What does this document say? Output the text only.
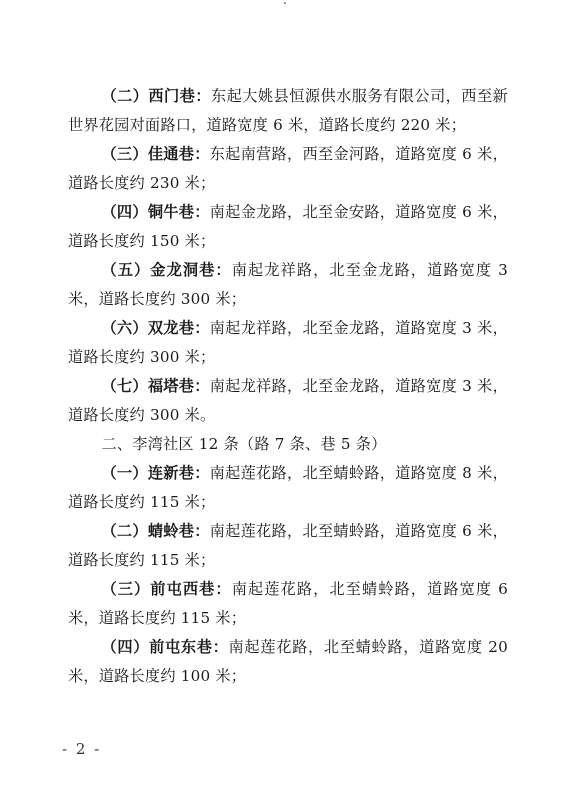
（二）西门巷：东起大姚县恒源供水服务有限公司，西至新世界花园对面路口，道路宽度 6 米，道路长度约 220 米；

（三）佳通巷：东起南营路，西至金河路，道路宽度 6 米，道路长度约 230 米；

（四）铜牛巷：南起金龙路，北至金安路，道路宽度 6 米，道路长度约 150 米；

（五）金龙洞巷：南起龙祥路，北至金龙路，道路宽度 3 米，道路长度约 300 米；

（六）双龙巷：南起龙祥路，北至金龙路，道路宽度 3 米，道路长度约 300 米；

（七）福塔巷：南起龙祥路，北至金龙路，道路宽度 3 米，道路长度约 300 米。

二、李湾社区 12 条（路 7 条、巷 5 条）

（一）连新巷：南起莲花路，北至蜻蛉路，道路宽度 8 米，道路长度约 115 米；

（二）蜻蛉巷：南起莲花路，北至蜻蛉路，道路宽度 6 米，道路长度约 115 米；

（三）前屯西巷：南起莲花路，北至蜻蛉路，道路宽度 6 米，道路长度约 115 米；

（四）前屯东巷：南起莲花路，北至蜻蛉路，道路宽度 20 米，道路长度约 100 米；

- 2 -
